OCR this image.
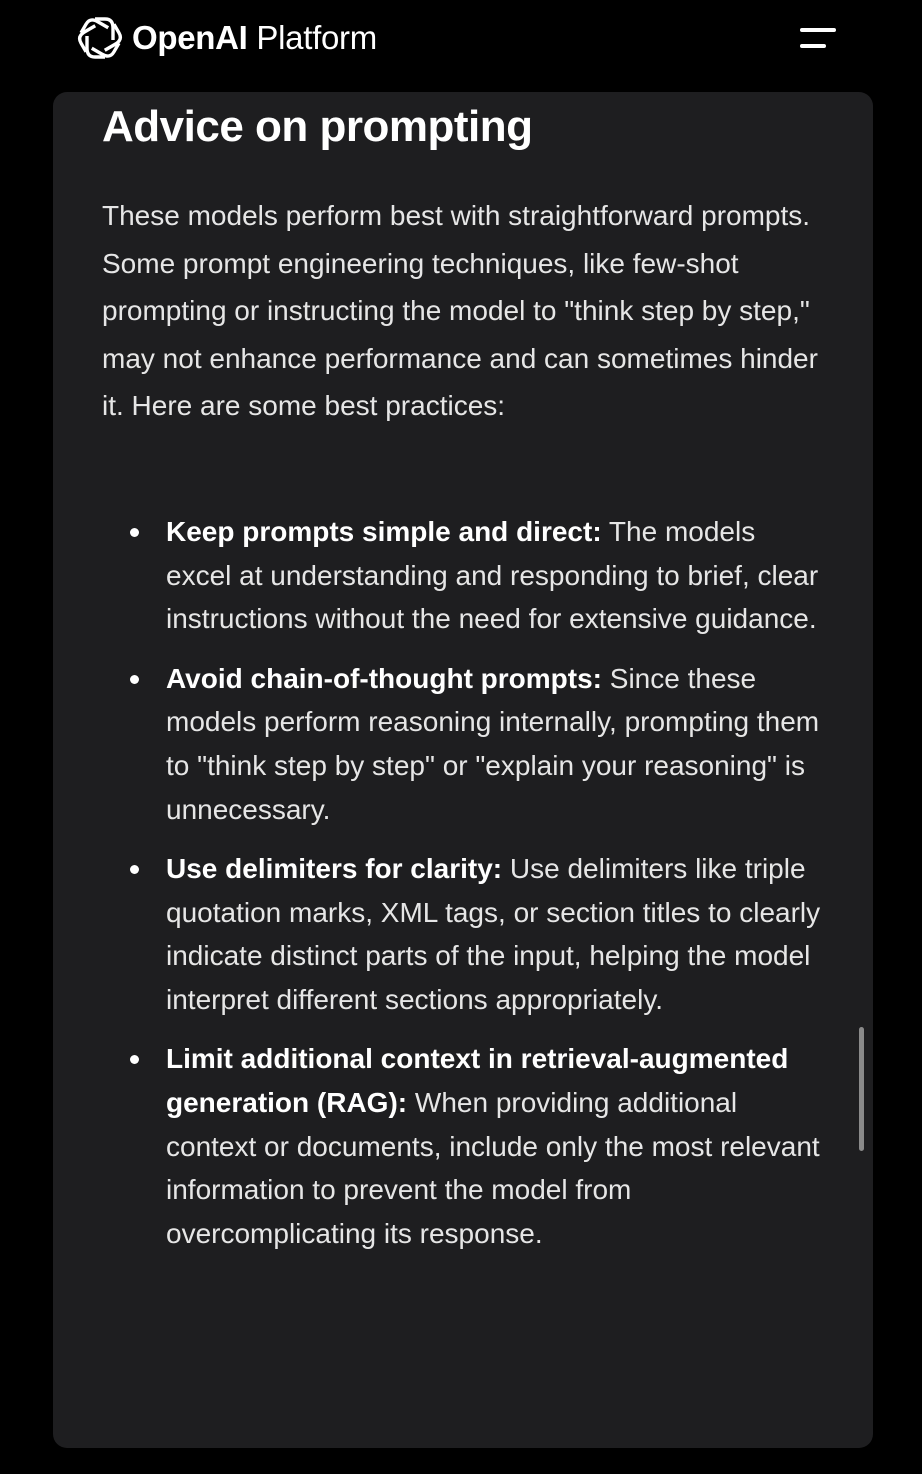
OpenAI Platform
Advice on prompting

These models perform best with straightforward prompts. Some prompt engineering techniques, like few-shot prompting or instructing the model to "think step by step," may not enhance performance and can sometimes hinder it. Here are some best practices:

Keep prompts simple and direct: The models excel at understanding and responding to brief, clear instructions without the need for extensive guidance.
Avoid chain-of-thought prompts: Since these models perform reasoning internally, prompting them to "think step by step" or "explain your reasoning" is unnecessary.
Use delimiters for clarity: Use delimiters like triple quotation marks, XML tags, or section titles to clearly indicate distinct parts of the input, helping the model interpret different sections appropriately.
Limit additional context in retrieval-augmented generation (RAG): When providing additional context or documents, include only the most relevant information to prevent the model from overcomplicating its response.
